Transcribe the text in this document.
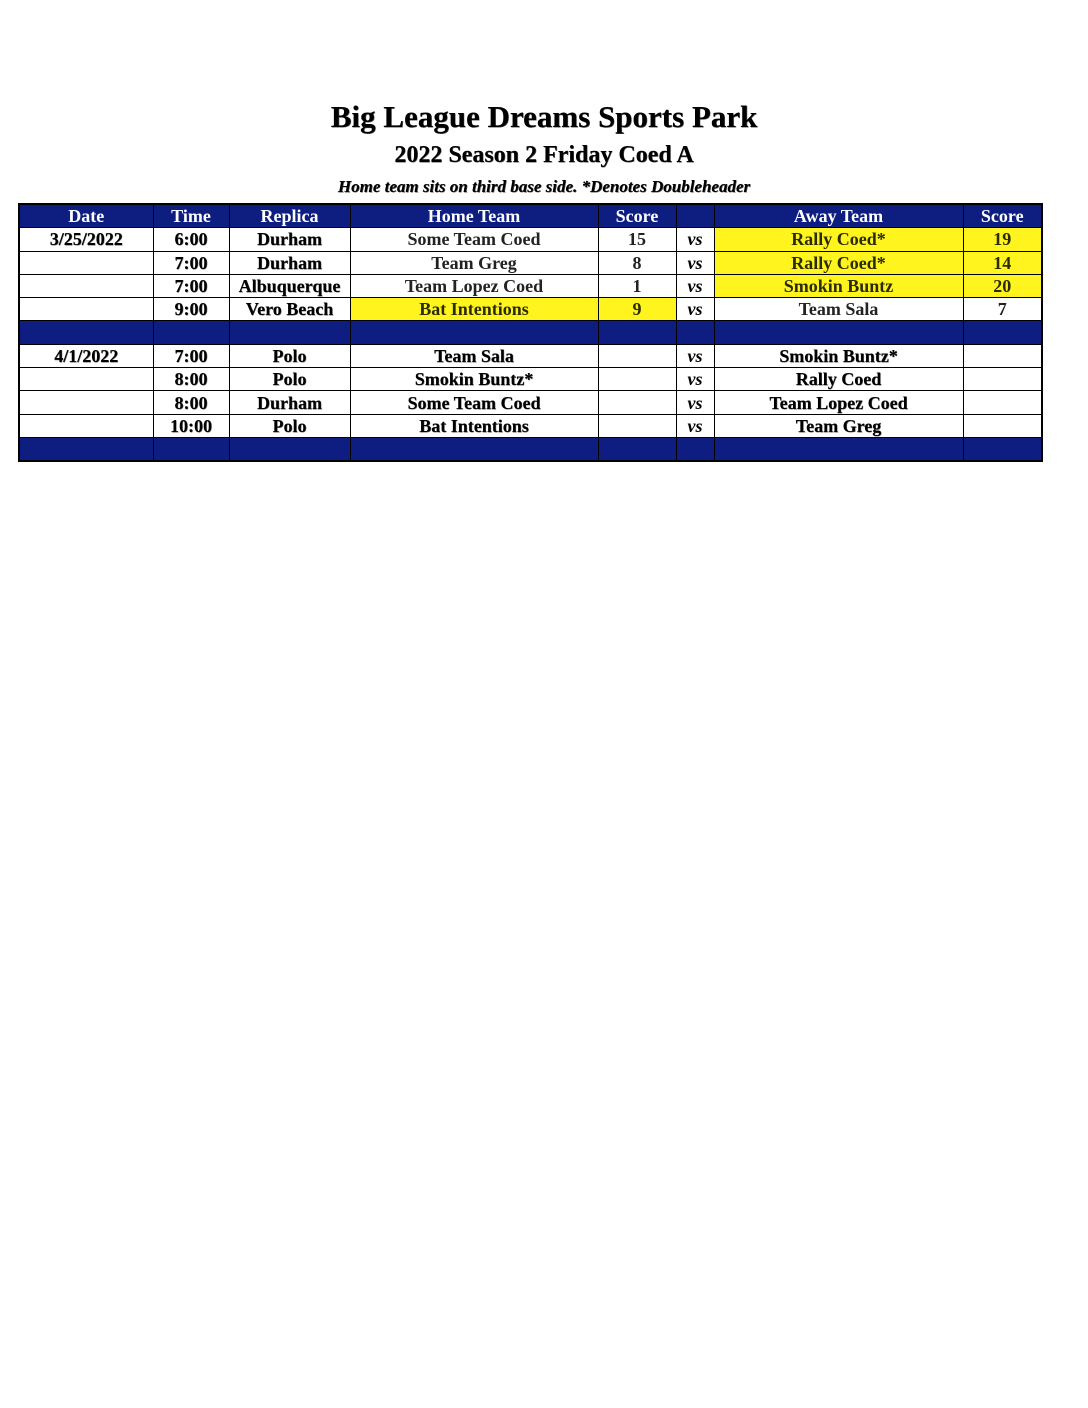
Big League Dreams Sports Park
2022 Season 2 Friday Coed A
Home team sits on third base side. *Denotes Doubleheader
Date	Time	Replica	Home Team	Score		Away Team	Score
3/25/2022	6:00	Durham	Some Team Coed	15	vs	Rally Coed*	19
	7:00	Durham	Team Greg	8	vs	Rally Coed*	14
	7:00	Albuquerque	Team Lopez Coed	1	vs	Smokin Buntz	20
	9:00	Vero Beach	Bat Intentions	9	vs	Team Sala	7

4/1/2022	7:00	Polo	Team Sala		vs	Smokin Buntz*	
	8:00	Polo	Smokin Buntz*		vs	Rally Coed	
	8:00	Durham	Some Team Coed		vs	Team Lopez Coed	
	10:00	Polo	Bat Intentions		vs	Team Greg	
